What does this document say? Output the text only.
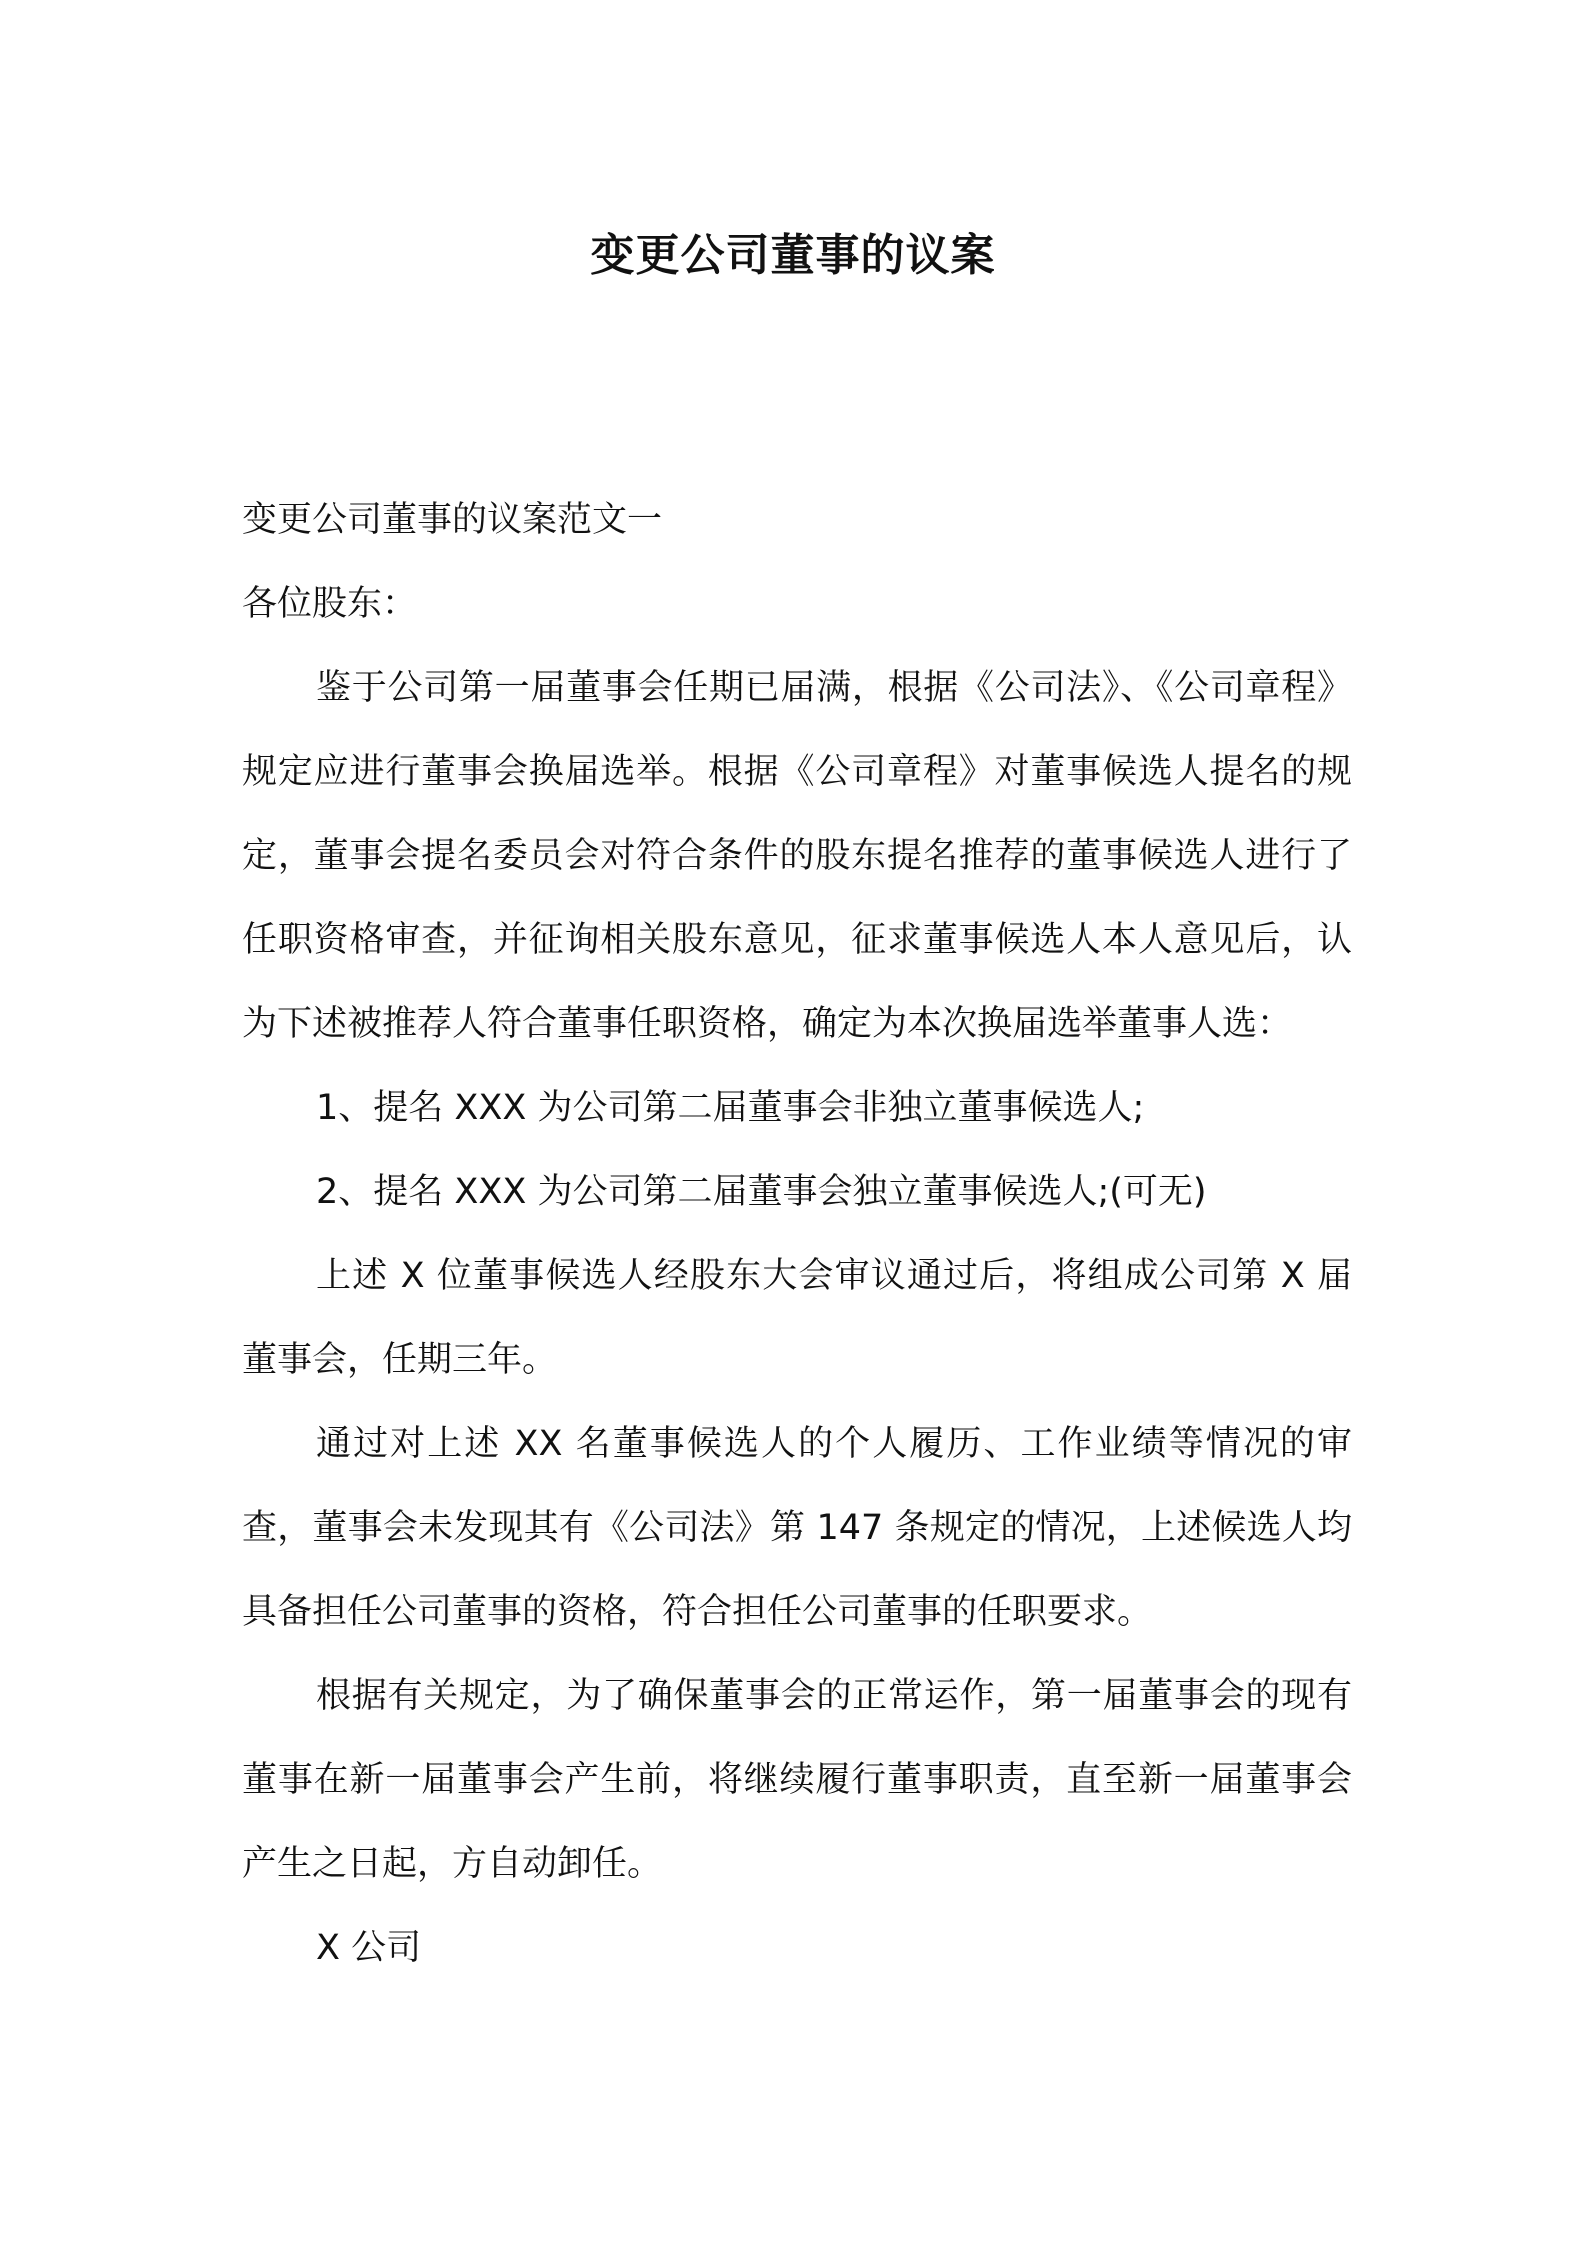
变更公司董事的议案

变更公司董事的议案范文一

各位股东：

鉴于公司第一届董事会任期已届满，根据《公司法》、《公司章程》规定应进行董事会换届选举。根据《公司章程》对董事候选人提名的规定，董事会提名委员会对符合条件的股东提名推荐的董事候选人进行了任职资格审查，并征询相关股东意见，征求董事候选人本人意见后，认为下述被推荐人符合董事任职资格，确定为本次换届选举董事人选：

1、提名 XXX 为公司第二届董事会非独立董事候选人;

2、提名 XXX 为公司第二届董事会独立董事候选人;(可无)

上述 X 位董事候选人经股东大会审议通过后，将组成公司第 X 届董事会，任期三年。

通过对上述 XX 名董事候选人的个人履历、工作业绩等情况的审查，董事会未发现其有《公司法》第 147 条规定的情况，上述候选人均具备担任公司董事的资格，符合担任公司董事的任职要求。

根据有关规定，为了确保董事会的正常运作，第一届董事会的现有董事在新一届董事会产生前，将继续履行董事职责，直至新一届董事会产生之日起，方自动卸任。

X 公司
